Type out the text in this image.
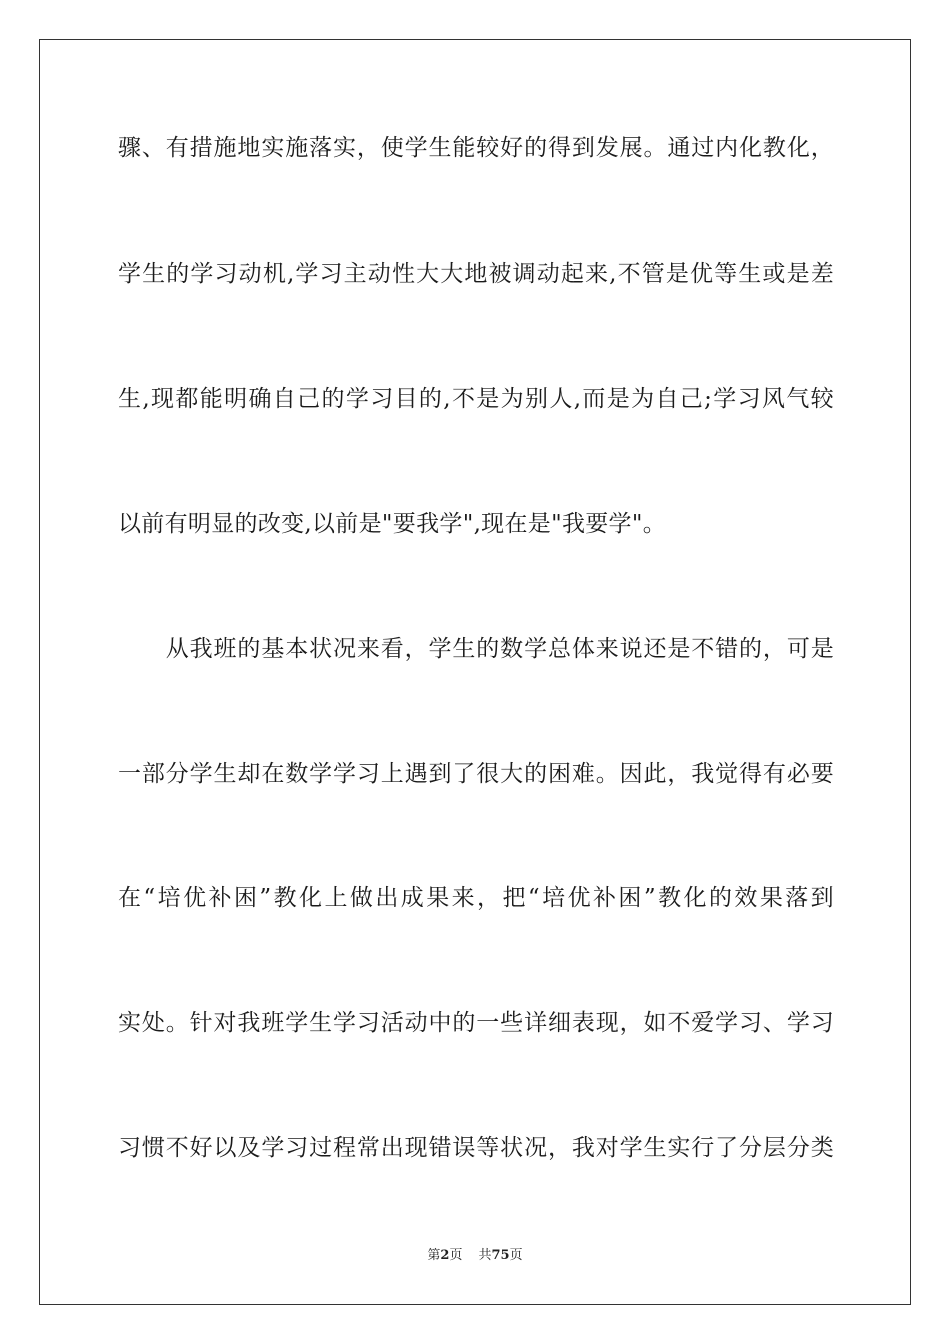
骤、有措施地实施落实，使学生能较好的得到发展。通过内化教化，
学生的学习动机,学习主动性大大地被调动起来,不管是优等生或是差
生,现都能明确自己的学习目的,不是为别人,而是为自己;学习风气较
以前有明显的改变,以前是"要我学",现在是"我要学"。
　　从我班的基本状况来看，学生的数学总体来说还是不错的，可是
一部分学生却在数学学习上遇到了很大的困难。因此，我觉得有必要
在“培优补困”教化上做出成果来，把“培优补困”教化的效果落到
实处。针对我班学生学习活动中的一些详细表现，如不爱学习、学习
习惯不好以及学习过程常出现错误等状况，我对学生实行了分层分类
第2页 共75页
